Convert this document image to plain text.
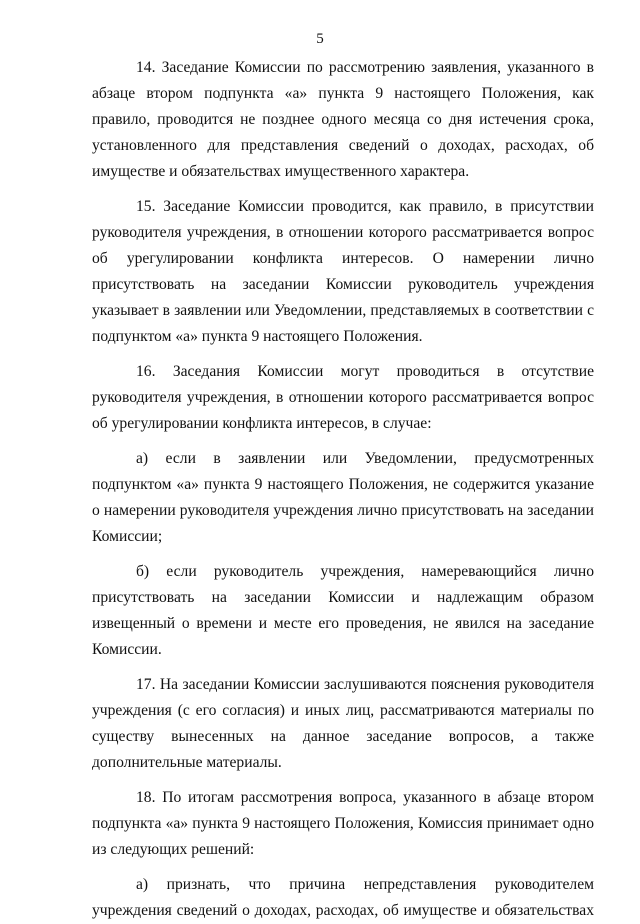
5

14. Заседание Комиссии по рассмотрению заявления, указанного в абзаце втором подпункта «а» пункта 9 настоящего Положения, как правило, проводится не позднее одного месяца со дня истечения срока, установленного для представления сведений о доходах, расходах, об имуществе и обязательствах имущественного характера.

15. Заседание Комиссии проводится, как правило, в присутствии руководителя учреждения, в отношении которого рассматривается вопрос об урегулировании конфликта интересов. О намерении лично присутствовать на заседании Комиссии руководитель учреждения указывает в заявлении или Уведомлении, представляемых в соответствии с подпунктом «а» пункта 9 настоящего Положения.

16. Заседания Комиссии могут проводиться в отсутствие руководителя учреждения, в отношении которого рассматривается вопрос об урегулировании конфликта интересов, в случае:

а) если в заявлении или Уведомлении, предусмотренных подпунктом «а» пункта 9 настоящего Положения, не содержится указание о намерении руководителя учреждения лично присутствовать на заседании Комиссии;

б) если руководитель учреждения, намеревающийся лично присутствовать на заседании Комиссии и надлежащим образом извещенный о времени и месте его проведения, не явился на заседание Комиссии.

17. На заседании Комиссии заслушиваются пояснения руководителя учреждения (с его согласия) и иных лиц, рассматриваются материалы по существу вынесенных на данное заседание вопросов, а также дополнительные материалы.

18. По итогам рассмотрения вопроса, указанного в абзаце втором подпункта «а» пункта 9 настоящего Положения, Комиссия принимает одно из следующих решений:

а) признать, что причина непредставления руководителем учреждения сведений о доходах, расходах, об имуществе и обязательствах
